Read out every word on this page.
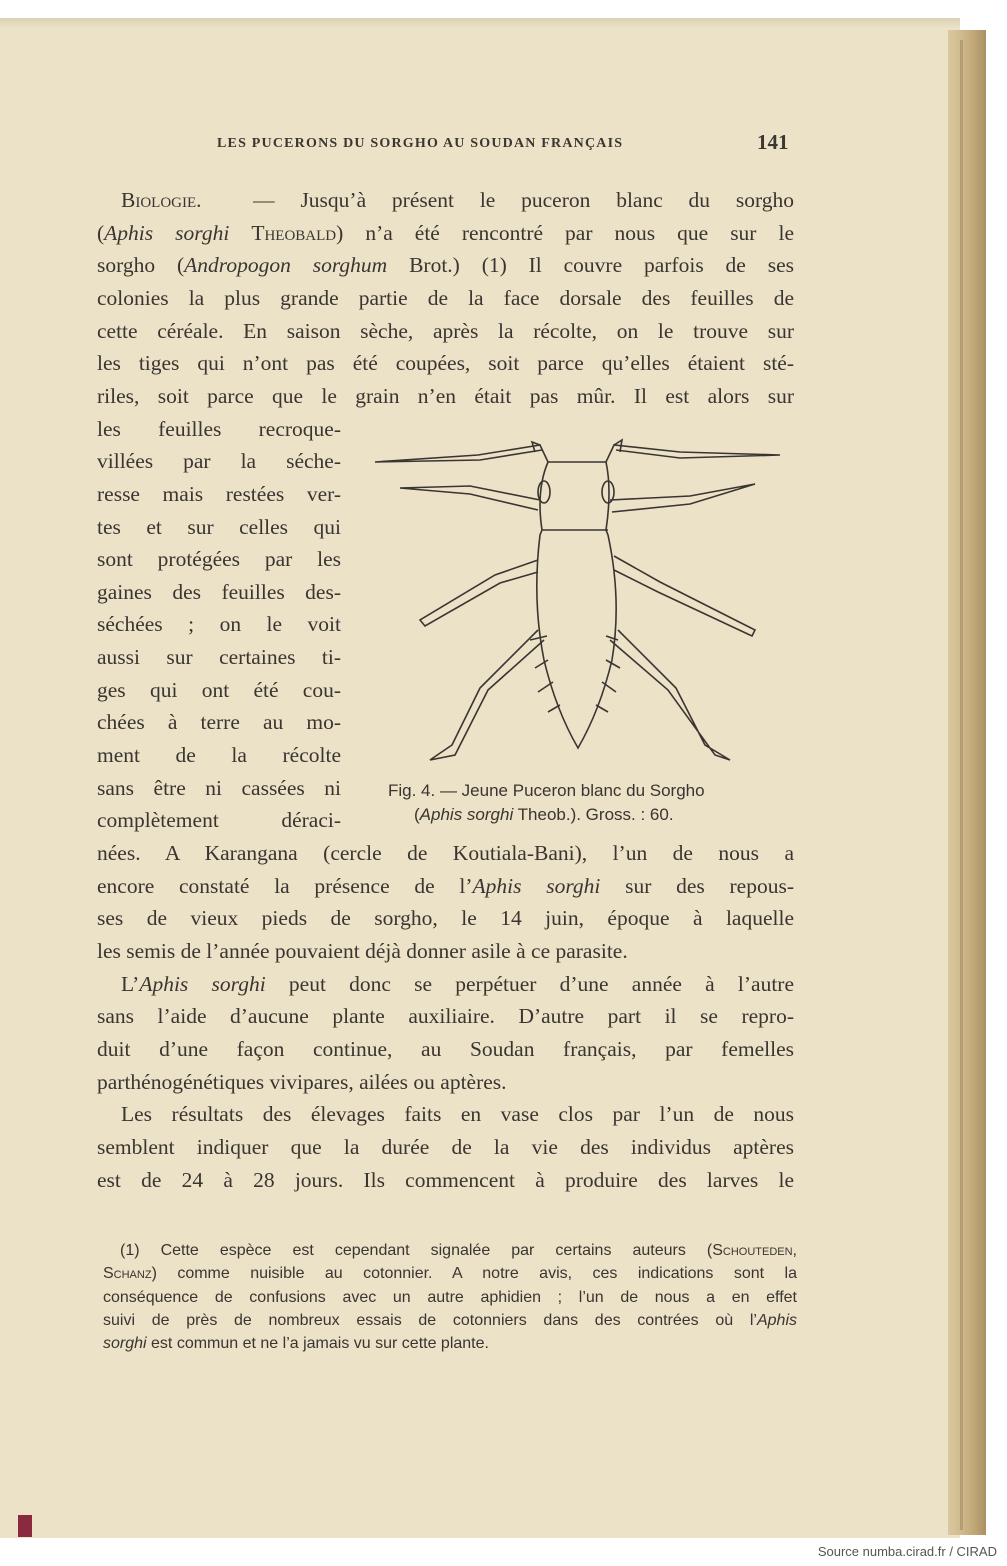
LES PUCERONS DU SORGHO AU SOUDAN FRANÇAIS	141
Biologie.  — Jusqu’à présent le puceron blanc du sorgho
(Aphis sorghi Theobald) n’a été rencontré par nous que sur le
sorgho (Andropogon sorghum Brot.) (1) Il couvre parfois de ses
colonies la plus grande partie de la face dorsale des feuilles de
cette céréale. En saison sèche, après la récolte, on le trouve sur
les tiges qui n’ont pas été coupées, soit parce qu’elles étaient sté-
riles, soit parce que le grain n’en était pas mûr. Il est alors sur
les feuilles recroque-
villées par la séche-
resse mais restées ver-
tes et sur celles qui
sont protégées par les
gaines des feuilles des-
séchées ; on le voit
aussi sur certaines ti-
ges qui ont été cou-
chées à terre au mo-
ment de la récolte
sans être ni cassées ni
complètement déraci-
nées. A Karangana (cercle de Koutiala-Bani), l’un de nous a
encore constaté la présence de l’Aphis sorghi sur des repous-
ses de vieux pieds de sorgho, le 14 juin, époque à laquelle
les semis de l’année pouvaient déjà donner asile à ce parasite.
L’Aphis sorghi peut donc se perpétuer d’une année à l’autre
sans l’aide d’aucune plante auxiliaire. D’autre part il se repro-
duit d’une façon continue, au Soudan français, par femelles
parthénogénétiques vivipares, ailées ou aptères.
Les résultats des élevages faits en vase clos par l’un de nous
semblent indiquer que la durée de la vie des individus aptères
est de 24 à 28 jours. Ils commencent à produire des larves le
Fig. 4. — Jeune Puceron blanc du Sorgho
(Aphis sorghi Theob.). Gross. : 60.
(1) Cette espèce est cependant signalée par certains auteurs (Schouteden,
Schanz) comme nuisible au cotonnier. A notre avis, ces indications sont la
conséquence de confusions avec un autre aphidien ; l’un de nous a en effet
suivi de près de nombreux essais de cotonniers dans des contrées où l’Aphis
sorghi est commun et ne l’a jamais vu sur cette plante.
Source numba.cirad.fr / CIRAD
